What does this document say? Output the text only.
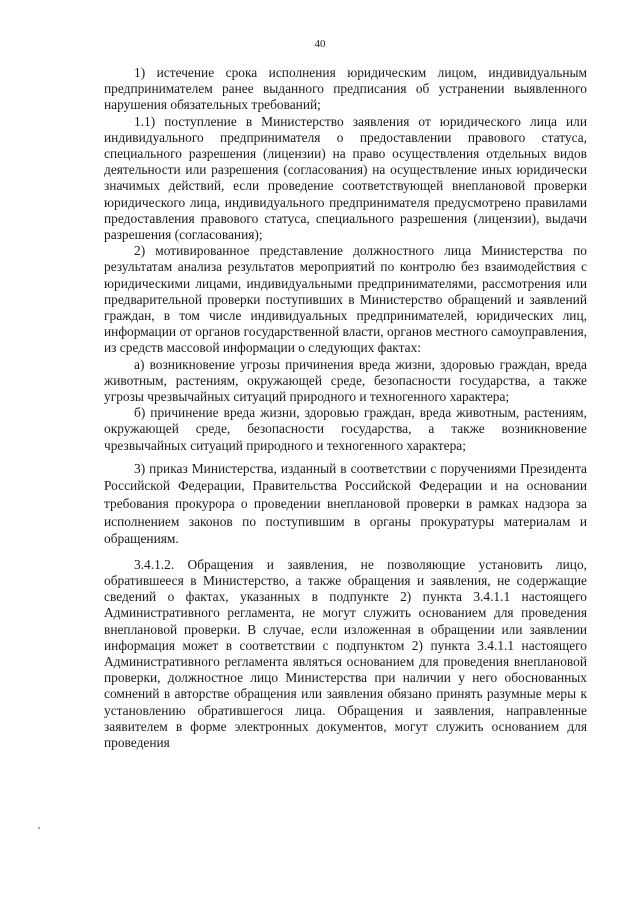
40

1) истечение срока исполнения юридическим лицом, индивидуальным предпринимателем ранее выданного предписания об устранении выявленного нарушения обязательных требований;

1.1) поступление в Министерство заявления от юридического лица или индивидуального предпринимателя о предоставлении правового статуса, специального разрешения (лицензии) на право осуществления отдельных видов деятельности или разрешения (согласования) на осуществление иных юридически значимых действий, если проведение соответствующей внеплановой проверки юридического лица, индивидуального предпринимателя предусмотрено правилами предоставления правового статуса, специального разрешения (лицензии), выдачи разрешения (согласования);

2) мотивированное представление должностного лица Министерства по результатам анализа результатов мероприятий по контролю без взаимодействия с юридическими лицами, индивидуальными предпринимателями, рассмотрения или предварительной проверки поступивших в Министерство обращений и заявлений граждан, в том числе индивидуальных предпринимателей, юридических лиц, информации от органов государственной власти, органов местного самоуправления, из средств массовой информации о следующих фактах:

а) возникновение угрозы причинения вреда жизни, здоровью граждан, вреда животным, растениям, окружающей среде, безопасности государства, а также угрозы чрезвычайных ситуаций природного и техногенного характера;

б) причинение вреда жизни, здоровью граждан, вреда животным, растениям, окружающей среде, безопасности государства, а также возникновение чрезвычайных ситуаций природного и техногенного характера;

3) приказ Министерства, изданный в соответствии с поручениями Президента Российской Федерации, Правительства Российской Федерации и на основании требования прокурора о проведении внеплановой проверки в рамках надзора за исполнением законов по поступившим в органы прокуратуры материалам и обращениям.

3.4.1.2. Обращения и заявления, не позволяющие установить лицо, обратившееся в Министерство, а также обращения и заявления, не содержащие сведений о фактах, указанных в подпункте 2) пункта 3.4.1.1 настоящего Административного регламента, не могут служить основанием для проведения внеплановой проверки. В случае, если изложенная в обращении или заявлении информация может в соответствии с подпунктом 2) пункта 3.4.1.1 настоящего Административного регламента являться основанием для проведения внеплановой проверки, должностное лицо Министерства при наличии у него обоснованных сомнений в авторстве обращения или заявления обязано принять разумные меры к установлению обратившегося лица. Обращения и заявления, направленные заявителем в форме электронных документов, могут служить основанием для проведения
